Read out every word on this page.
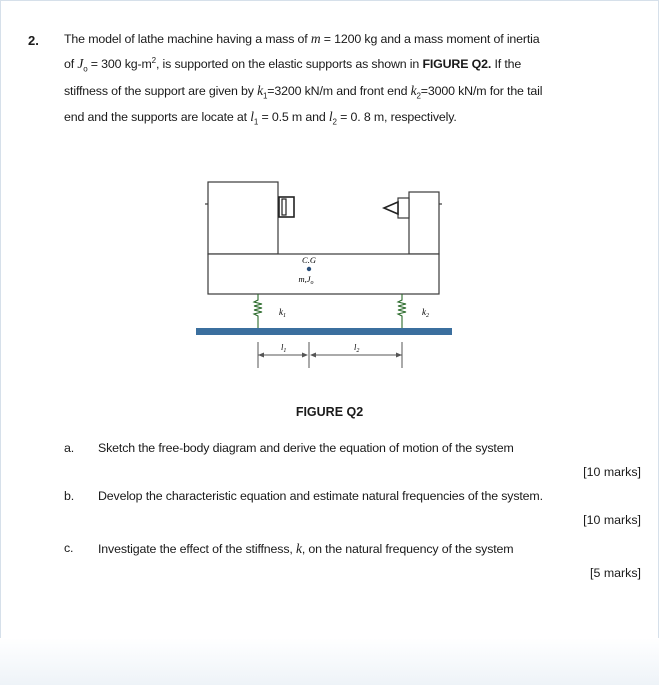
2. The model of lathe machine having a mass of m = 1200 kg and a mass moment of inertia
of $J_o = 300$ $kg-m^2$, is supported on the elastic supports as shown in FIGURE Q2. If the
stiffness of the support are given by $k_1=3200$ kN/m and front end $k_2=3000$ kN/m for the tail
end and the supports are locate at $l_1 = 0.5$ m and $l_2 = 0$. 8 m, respectively.
C.G
$m,J_o$
$k_1$	$k_2$
$l_1$	$l_2$
FIGURE Q2
a. Sketch the free-body diagram and derive the equation of motion of the system
[10 marks]
b. Develop the characteristic equation and estimate natural frequencies of the system.
[10 marks]
c. Investigate the effect of the stiffness, k, on the natural frequency of the system
[5 marks]
